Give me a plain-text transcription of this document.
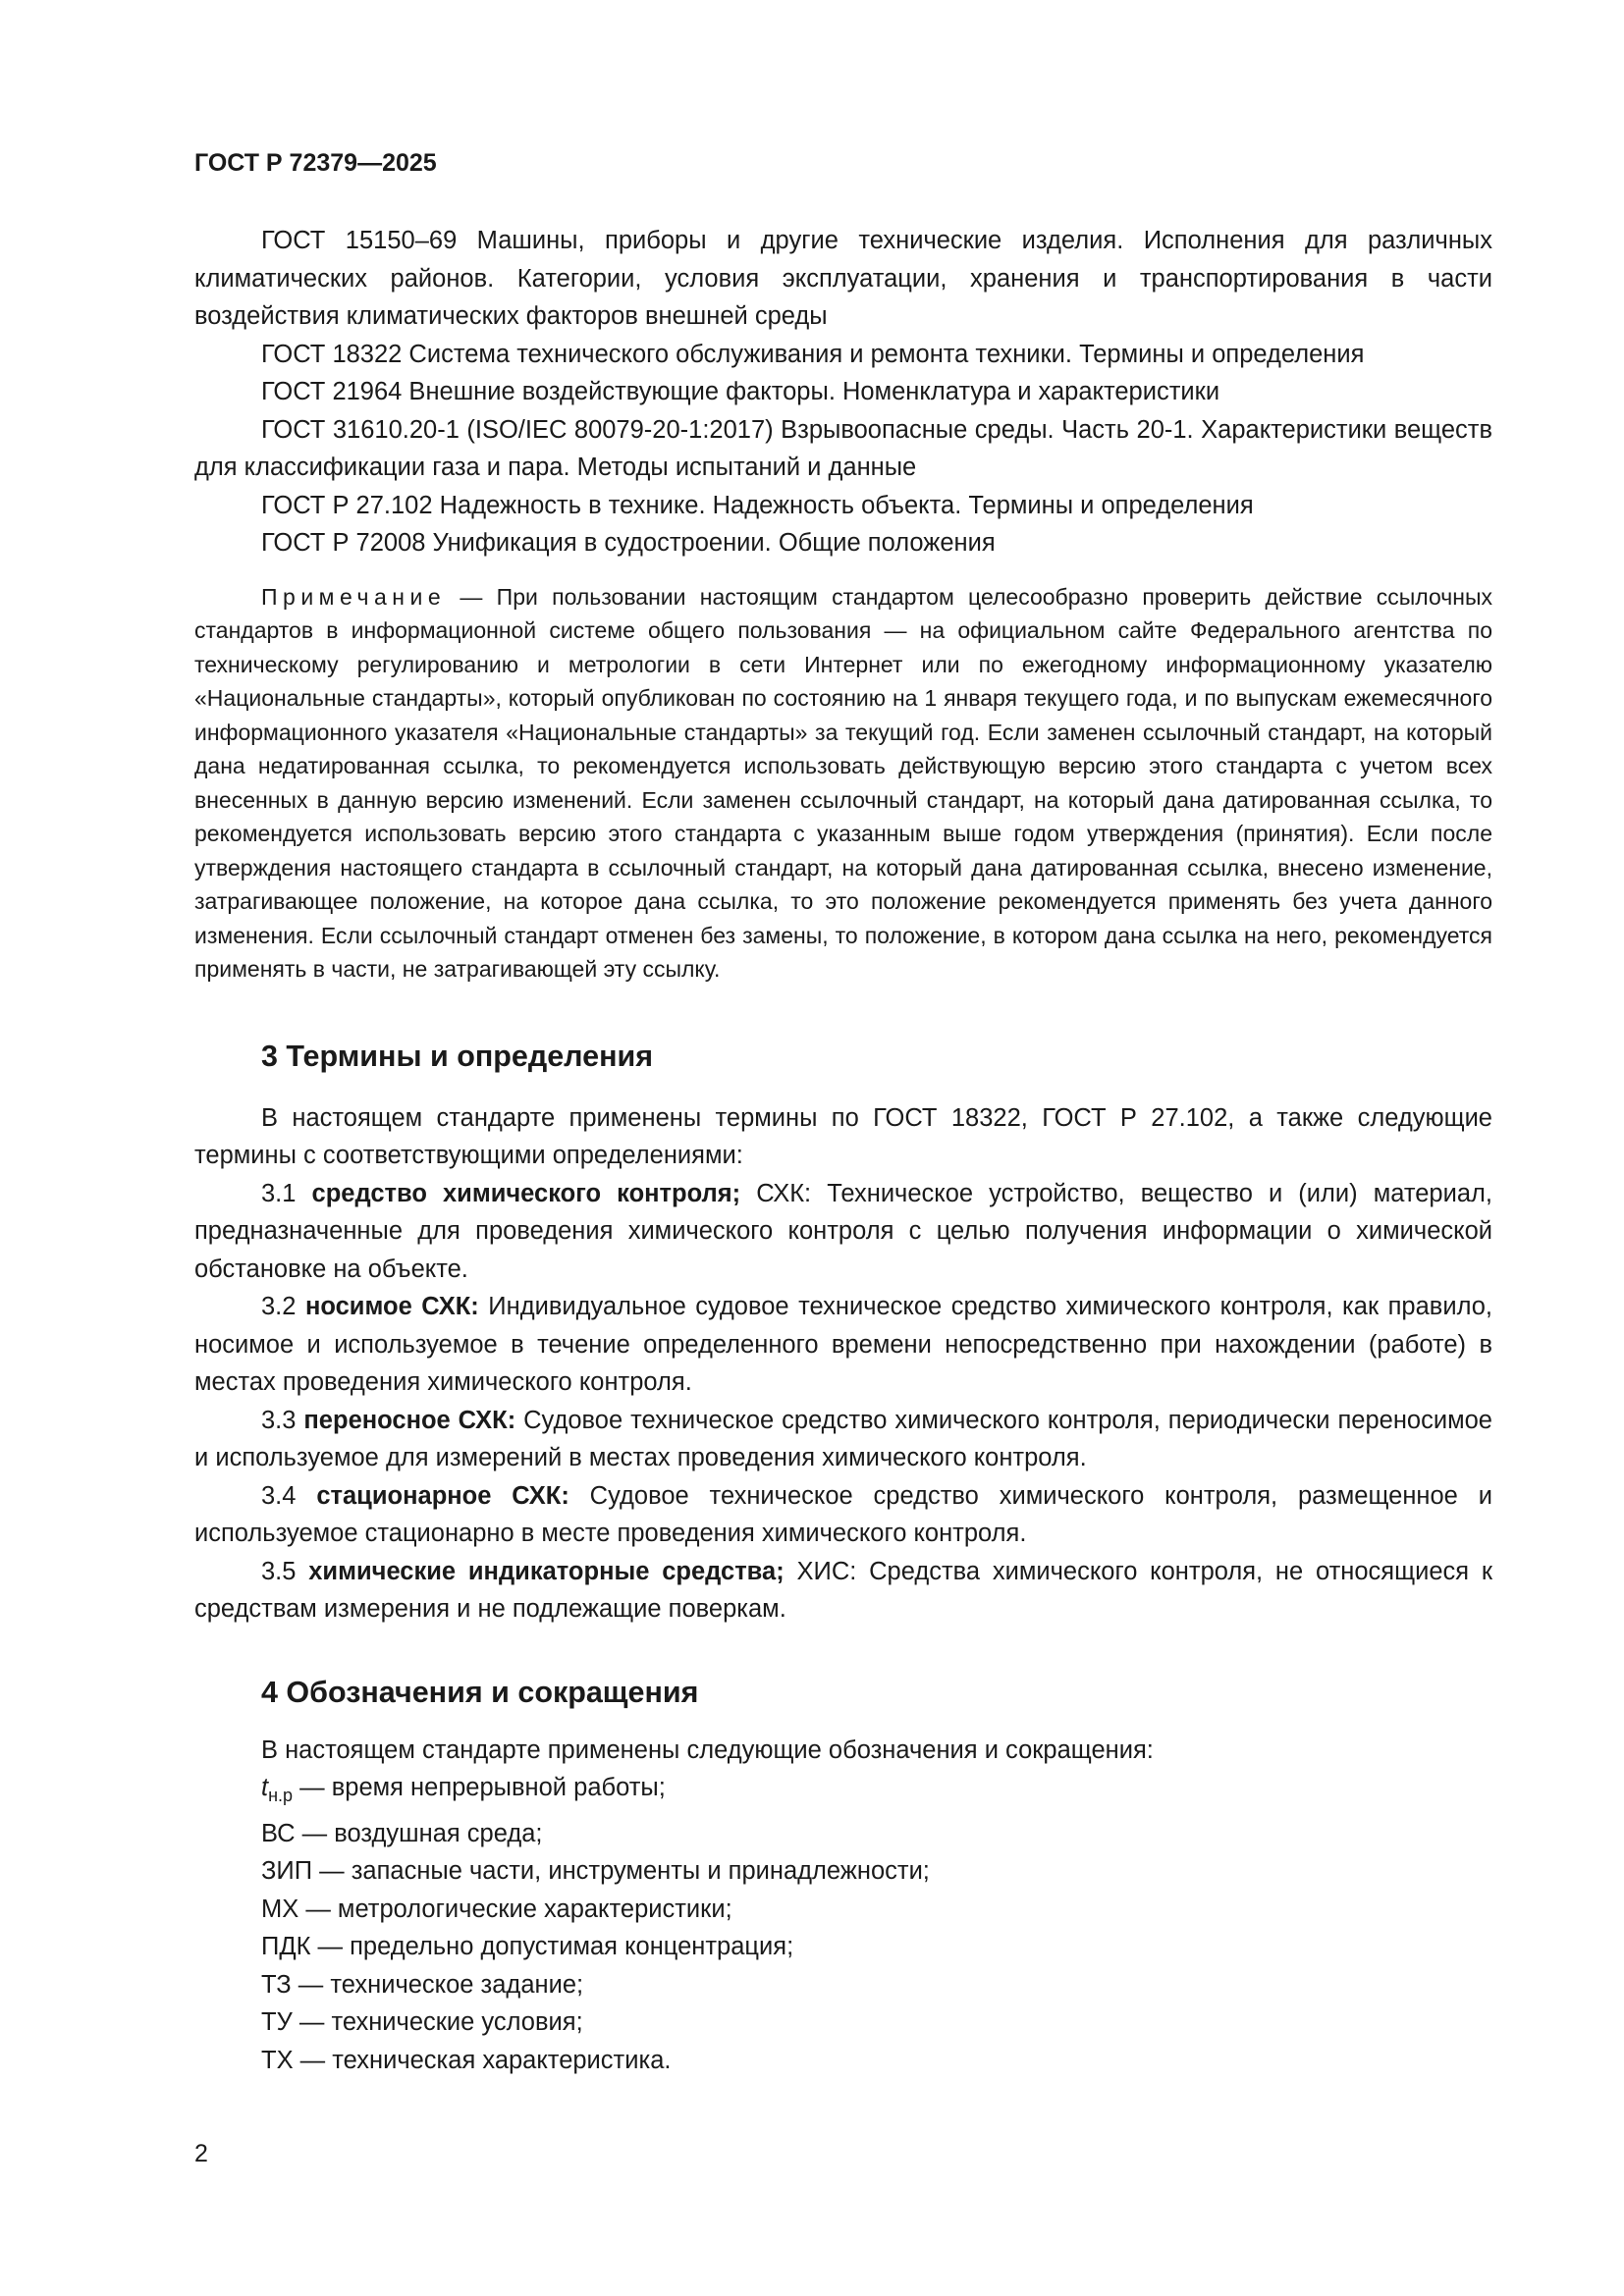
ГОСТ Р 72379—2025

ГОСТ 15150–69 Машины, приборы и другие технические изделия. Исполнения для различных климатических районов. Категории, условия эксплуатации, хранения и транспортирования в части воздействия климатических факторов внешней среды

ГОСТ 18322 Система технического обслуживания и ремонта техники. Термины и определения

ГОСТ 21964 Внешние воздействующие факторы. Номенклатура и характеристики

ГОСТ 31610.20-1 (ISO/IEC 80079-20-1:2017) Взрывоопасные среды. Часть 20-1. Характеристики веществ для классификации газа и пара. Методы испытаний и данные

ГОСТ Р 27.102 Надежность в технике. Надежность объекта. Термины и определения

ГОСТ Р 72008 Унификация в судостроении. Общие положения

Примечание — При пользовании настоящим стандартом целесообразно проверить действие ссылочных стандартов в информационной системе общего пользования — на официальном сайте Федерального агентства по техническому регулированию и метрологии в сети Интернет или по ежегодному информационному указателю «Национальные стандарты», который опубликован по состоянию на 1 января текущего года, и по выпускам ежемесячного информационного указателя «Национальные стандарты» за текущий год. Если заменен ссылочный стандарт, на который дана недатированная ссылка, то рекомендуется использовать действующую версию этого стандарта с учетом всех внесенных в данную версию изменений. Если заменен ссылочный стандарт, на который дана датированная ссылка, то рекомендуется использовать версию этого стандарта с указанным выше годом утверждения (принятия). Если после утверждения настоящего стандарта в ссылочный стандарт, на который дана датированная ссылка, внесено изменение, затрагивающее положение, на которое дана ссылка, то это положение рекомендуется применять без учета данного изменения. Если ссылочный стандарт отменен без замены, то положение, в котором дана ссылка на него, рекомендуется применять в части, не затрагивающей эту ссылку.

3 Термины и определения

В настоящем стандарте применены термины по ГОСТ 18322, ГОСТ Р 27.102, а также следующие термины с соответствующими определениями:

3.1 средство химического контроля; СХК: Техническое устройство, вещество и (или) материал, предназначенные для проведения химического контроля с целью получения информации о химической обстановке на объекте.

3.2 носимое СХК: Индивидуальное судовое техническое средство химического контроля, как правило, носимое и используемое в течение определенного времени непосредственно при нахождении (работе) в местах проведения химического контроля.

3.3 переносное СХК: Судовое техническое средство химического контроля, периодически переносимое и используемое для измерений в местах проведения химического контроля.

3.4 стационарное СХК: Судовое техническое средство химического контроля, размещенное и используемое стационарно в месте проведения химического контроля.

3.5 химические индикаторные средства; ХИС: Средства химического контроля, не относящиеся к средствам измерения и не подлежащие поверкам.

4 Обозначения и сокращения

В настоящем стандарте применены следующие обозначения и сокращения:

$t_{н.р}$ — время непрерывной работы;

ВС — воздушная среда;

ЗИП — запасные части, инструменты и принадлежности;

МХ — метрологические характеристики;

ПДК — предельно допустимая концентрация;

ТЗ — техническое задание;

ТУ — технические условия;

ТХ — техническая характеристика.

2
